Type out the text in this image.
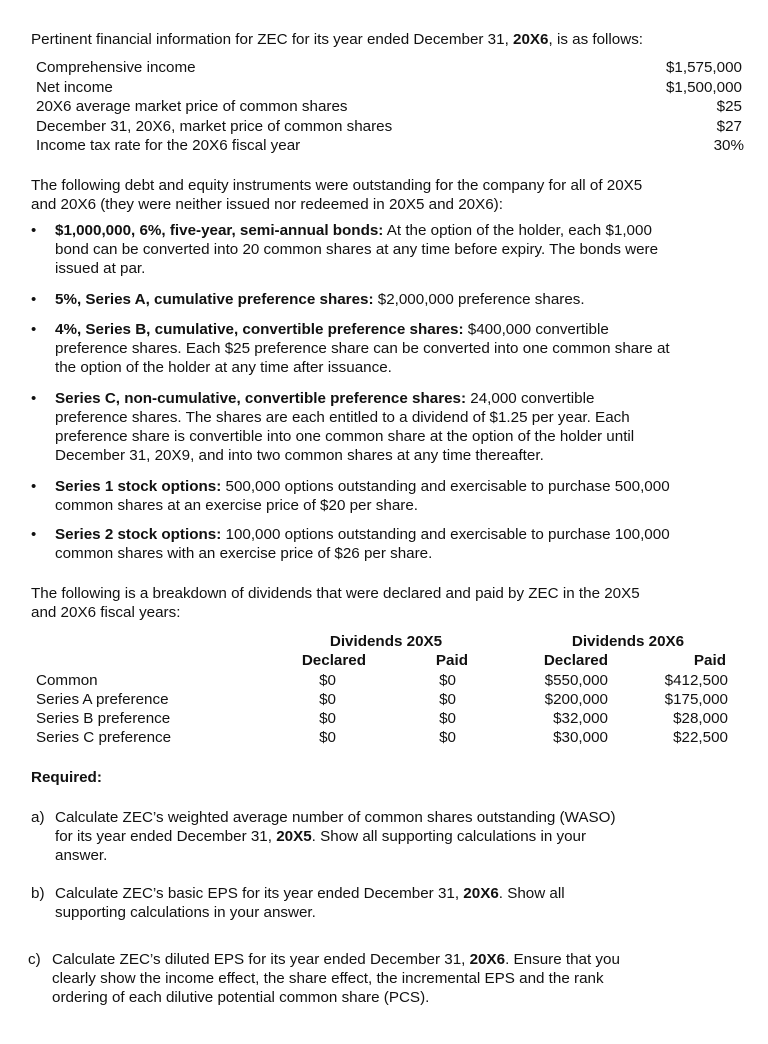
Pertinent financial information for ZEC for its year ended December 31, 20X6, is as follows:
Comprehensive income	$1,575,000
Net income	$1,500,000
20X6 average market price of common shares	$25
December 31, 20X6, market price of common shares	$27
Income tax rate for the 20X6 fiscal year	30%
The following debt and equity instruments were outstanding for the company for all of 20X5
and 20X6 (they were neither issued nor redeemed in 20X5 and 20X6):
•	$1,000,000, 6%, five-year, semi-annual bonds: At the option of the holder, each $1,000
bond can be converted into 20 common shares at any time before expiry. The bonds were
issued at par.
•	5%, Series A, cumulative preference shares: $2,000,000 preference shares.
•	4%, Series B, cumulative, convertible preference shares: $400,000 convertible
preference shares. Each $25 preference share can be converted into one common share at
the option of the holder at any time after issuance.
•	Series C, non-cumulative, convertible preference shares: 24,000 convertible
preference shares. The shares are each entitled to a dividend of $1.25 per year. Each
preference share is convertible into one common share at the option of the holder until
December 31, 20X9, and into two common shares at any time thereafter.
•	Series 1 stock options: 500,000 options outstanding and exercisable to purchase 500,000
common shares at an exercise price of $20 per share.
•	Series 2 stock options: 100,000 options outstanding and exercisable to purchase 100,000
common shares with an exercise price of $26 per share.
The following is a breakdown of dividends that were declared and paid by ZEC in the 20X5
and 20X6 fiscal years:
Dividends 20X5	Dividends 20X6
Declared	Paid	Declared	Paid
Common	$0	$0	$550,000	$412,500
Series A preference	$0	$0	$200,000	$175,000
Series B preference	$0	$0	$32,000	$28,000
Series C preference	$0	$0	$30,000	$22,500
Required:
a) Calculate ZEC’s weighted average number of common shares outstanding (WASO)
for its year ended December 31, 20X5. Show all supporting calculations in your
answer.
b) Calculate ZEC’s basic EPS for its year ended December 31, 20X6. Show all
supporting calculations in your answer.
c) Calculate ZEC’s diluted EPS for its year ended December 31, 20X6. Ensure that you
clearly show the income effect, the share effect, the incremental EPS and the rank
ordering of each dilutive potential common share (PCS).
